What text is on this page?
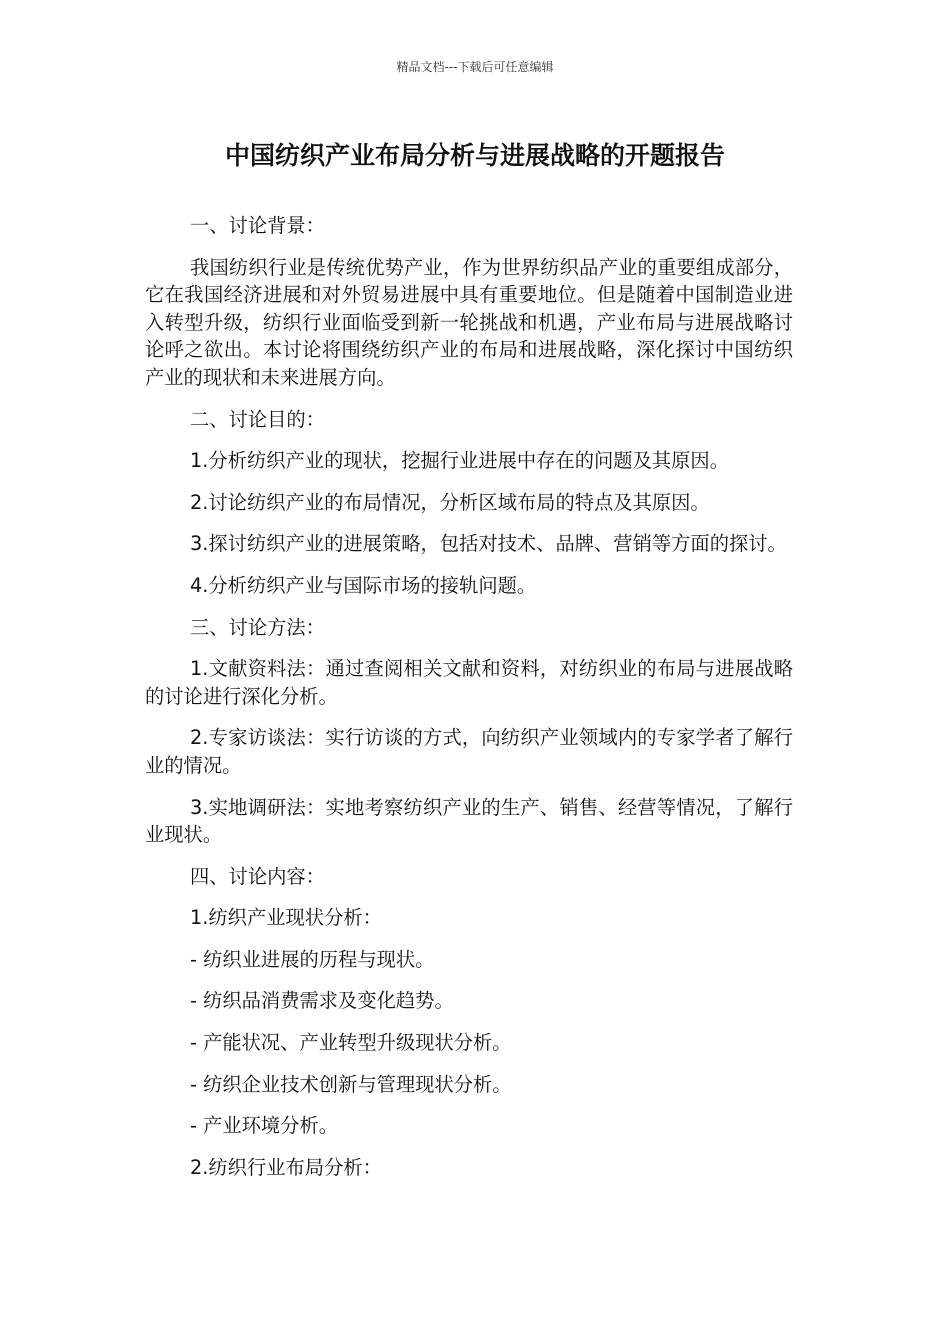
精品文档---下载后可任意编辑
中国纺织产业布局分析与进展战略的开题报告

一、讨论背景：

我国纺织行业是传统优势产业，作为世界纺织品产业的重要组成部分，它在我国经济进展和对外贸易进展中具有重要地位。但是随着中国制造业进入转型升级，纺织行业面临受到新一轮挑战和机遇，产业布局与进展战略讨论呼之欲出。本讨论将围绕纺织产业的布局和进展战略，深化探讨中国纺织产业的现状和未来进展方向。

二、讨论目的：

1.分析纺织产业的现状，挖掘行业进展中存在的问题及其原因。

2.讨论纺织产业的布局情况，分析区域布局的特点及其原因。

3.探讨纺织产业的进展策略，包括对技术、品牌、营销等方面的探讨。

4.分析纺织产业与国际市场的接轨问题。

三、讨论方法：

1.文献资料法：通过查阅相关文献和资料，对纺织业的布局与进展战略的讨论进行深化分析。

2.专家访谈法：实行访谈的方式，向纺织产业领域内的专家学者了解行业的情况。

3.实地调研法：实地考察纺织产业的生产、销售、经营等情况，了解行业现状。

四、讨论内容：

1.纺织产业现状分析：

- 纺织业进展的历程与现状。

- 纺织品消费需求及变化趋势。

- 产能状况、产业转型升级现状分析。

- 纺织企业技术创新与管理现状分析。

- 产业环境分析。

2.纺织行业布局分析：
